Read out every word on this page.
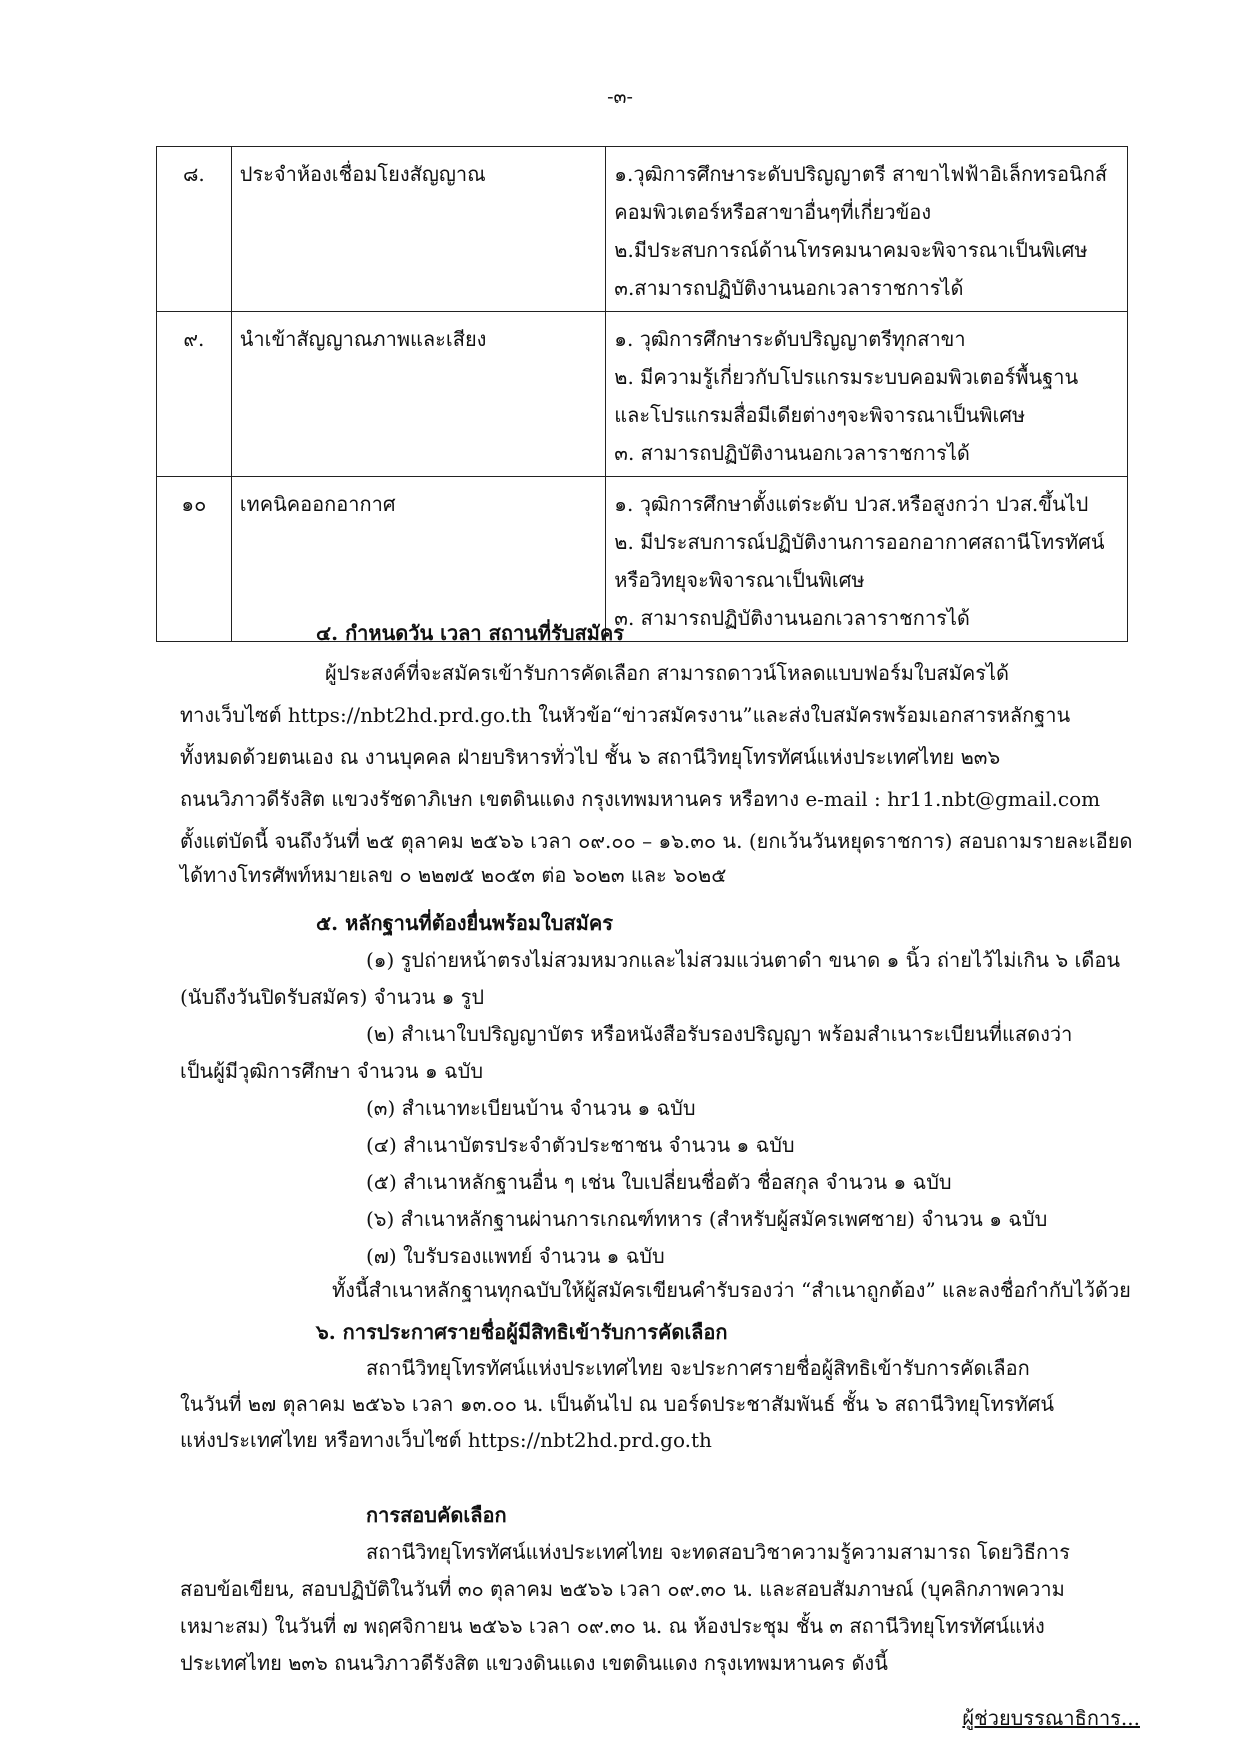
-๓-
๘.	ประจำห้องเชื่อมโยงสัญญาณ	๑.วุฒิการศึกษาระดับปริญญาตรี สาขาไฟฟ้าอิเล็กทรอนิกส์
คอมพิวเตอร์หรือสาขาอื่นๆที่เกี่ยวข้อง
๒.มีประสบการณ์ด้านโทรคมนาคมจะพิจารณาเป็นพิเศษ
๓.สามารถปฏิบัติงานนอกเวลาราชการได้

๙.	นำเข้าสัญญาณภาพและเสียง	๑. วุฒิการศึกษาระดับปริญญาตรีทุกสาขา
๒. มีความรู้เกี่ยวกับโปรแกรมระบบคอมพิวเตอร์พื้นฐาน
และโปรแกรมสื่อมีเดียต่างๆจะพิจารณาเป็นพิเศษ
๓. สามารถปฏิบัติงานนอกเวลาราชการได้

๑๐	เทคนิคออกอากาศ	๑. วุฒิการศึกษาตั้งแต่ระดับ ปวส.หรือสูงกว่า ปวส.ขึ้นไป
๒. มีประสบการณ์ปฏิบัติงานการออกอากาศสถานีโทรทัศน์
หรือวิทยุจะพิจารณาเป็นพิเศษ
๓. สามารถปฏิบัติงานนอกเวลาราชการได้

๔. กำหนดวัน เวลา สถานที่รับสมัคร

ผู้ประสงค์ที่จะสมัครเข้ารับการคัดเลือก สามารถดาวน์โหลดแบบฟอร์มใบสมัครได้

ทางเว็บไซต์ https://nbt2hd.prd.go.th ในหัวข้อ“ข่าวสมัครงาน”และส่งใบสมัครพร้อมเอกสารหลักฐาน

ทั้งหมดด้วยตนเอง ณ งานบุคคล ฝ่ายบริหารทั่วไป ชั้น ๖ สถานีวิทยุโทรทัศน์แห่งประเทศไทย ๒๓๖

ถนนวิภาวดีรังสิต แขวงรัชดาภิเษก เขตดินแดง กรุงเทพมหานคร หรือทาง e-mail : hr11.nbt@gmail.com

ตั้งแต่บัดนี้ จนถึงวันที่ ๒๕ ตุลาคม ๒๕๖๖ เวลา ๐๙.๐๐ – ๑๖.๓๐ น. (ยกเว้นวันหยุดราชการ) สอบถามรายละเอียด

ได้ทางโทรศัพท์หมายเลข ๐ ๒๒๗๕ ๒๐๕๓ ต่อ ๖๐๒๓ และ ๖๐๒๕

๕. หลักฐานที่ต้องยื่นพร้อมใบสมัคร

(๑) รูปถ่ายหน้าตรงไม่สวมหมวกและไม่สวมแว่นตาดำ ขนาด ๑ นิ้ว ถ่ายไว้ไม่เกิน ๖ เดือน

(นับถึงวันปิดรับสมัคร) จำนวน ๑ รูป

(๒) สำเนาใบปริญญาบัตร หรือหนังสือรับรองปริญญา พร้อมสำเนาระเบียนที่แสดงว่า

เป็นผู้มีวุฒิการศึกษา จำนวน ๑ ฉบับ

(๓) สำเนาทะเบียนบ้าน จำนวน ๑ ฉบับ

(๔) สำเนาบัตรประจำตัวประชาชน จำนวน ๑ ฉบับ

(๕) สำเนาหลักฐานอื่น ๆ เช่น ใบเปลี่ยนชื่อตัว ชื่อสกุล จำนวน ๑ ฉบับ

(๖) สำเนาหลักฐานผ่านการเกณฑ์ทหาร (สำหรับผู้สมัครเพศชาย) จำนวน ๑ ฉบับ

(๗) ใบรับรองแพทย์ จำนวน ๑ ฉบับ

ทั้งนี้สำเนาหลักฐานทุกฉบับให้ผู้สมัครเขียนคำรับรองว่า “สำเนาถูกต้อง” และลงชื่อกำกับไว้ด้วย

๖. การประกาศรายชื่อผู้มีสิทธิเข้ารับการคัดเลือก

สถานีวิทยุโทรทัศน์แห่งประเทศไทย จะประกาศรายชื่อผู้สิทธิเข้ารับการคัดเลือก

ในวันที่ ๒๗ ตุลาคม ๒๕๖๖ เวลา ๑๓.๐๐ น. เป็นต้นไป ณ บอร์ดประชาสัมพันธ์ ชั้น ๖ สถานีวิทยุโทรทัศน์

แห่งประเทศไทย หรือทางเว็บไซต์ https://nbt2hd.prd.go.th

การสอบคัดเลือก

สถานีวิทยุโทรทัศน์แห่งประเทศไทย จะทดสอบวิชาความรู้ความสามารถ โดยวิธีการ

สอบข้อเขียน, สอบปฏิบัติในวันที่ ๓๐ ตุลาคม ๒๕๖๖ เวลา ๐๙.๓๐ น. และสอบสัมภาษณ์ (บุคลิกภาพความ

เหมาะสม) ในวันที่ ๗ พฤศจิกายน ๒๕๖๖ เวลา ๐๙.๓๐ น. ณ ห้องประชุม ชั้น ๓ สถานีวิทยุโทรทัศน์แห่ง

ประเทศไทย ๒๓๖ ถนนวิภาวดีรังสิต แขวงดินแดง เขตดินแดง กรุงเทพมหานคร ดังนี้

ผู้ช่วยบรรณาธิการ...
